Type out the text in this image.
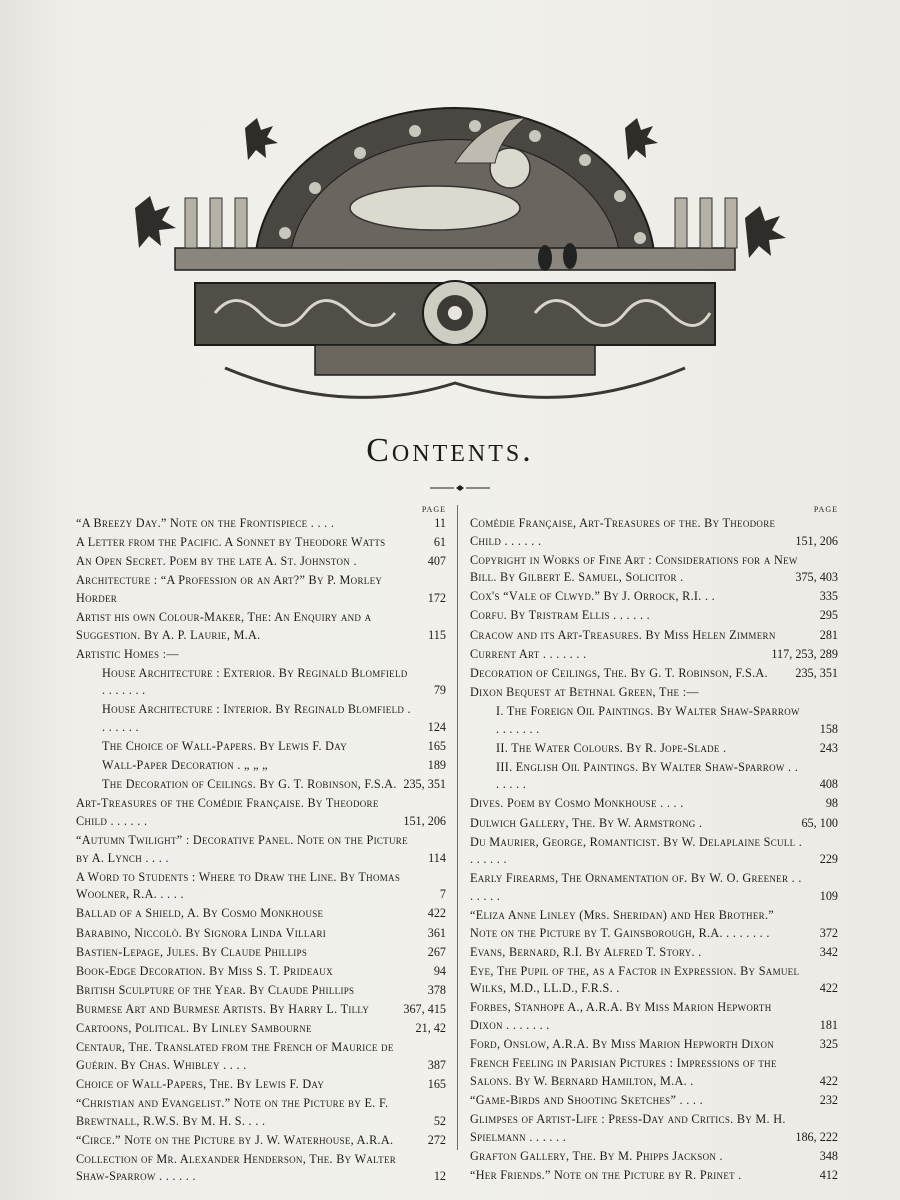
Contents.
PAGE
“A Breezy Day.” Note on the Frontispiece . . . .	11
A Letter from the Pacific. A Sonnet by Theodore Watts	61
An Open Secret. Poem by the late A. St. Johnston .	407
Architecture : “A Profession or an Art?” By P. Morley Horder	172
Artist his own Colour-Maker, The: An Enquiry and a Suggestion. By A. P. Laurie, M.A.	115
Artistic Homes :—
House Architecture : Exterior. By Reginald Blomfield . . . . . . .	79
House Architecture : Interior. By Reginald Blomfield . . . . . . .	124
The Choice of Wall-Papers. By Lewis F. Day	165
Wall-Paper Decoration . „ „ „	189
The Decoration of Ceilings. By G. T. Robinson, F.S.A. 235, 351
Art-Treasures of the Comédie Française. By Theodore Child . . . . . .	151, 206
“Autumn Twilight” : Decorative Panel. Note on the Picture by A. Lynch . . . .	114
A Word to Students : Where to Draw the Line. By Thomas Woolner, R.A. . . . .	7
Ballad of a Shield, A. By Cosmo Monkhouse	422
Barabino, Niccolò. By Signora Linda Villari	361
Bastien-Lepage, Jules. By Claude Phillips	267
Book-Edge Decoration. By Miss S. T. Prideaux	94
British Sculpture of the Year. By Claude Phillips	378
Burmese Art and Burmese Artists. By Harry L. Tilly	367, 415
Cartoons, Political. By Linley Sambourne	21, 42
Centaur, The. Translated from the French of Maurice de Guérin. By Chas. Whibley . . . .	387
Choice of Wall-Papers, The. By Lewis F. Day	165
“Christian and Evangelist.” Note on the Picture by E. F. Brewtnall, R.W.S. By M. H. S. . . .	52
“Circe.” Note on the Picture by J. W. Waterhouse, A.R.A.	272
Collection of Mr. Alexander Henderson, The. By Walter Shaw-Sparrow . . . . . .	12
PAGE
Comédie Française, Art-Treasures of the. By Theodore Child . . . . . .	151, 206
Copyright in Works of Fine Art : Considerations for a New Bill. By Gilbert E. Samuel, Solicitor .	375, 403
Cox's “Vale of Clwyd.” By J. Orrock, R.I. . .	335
Corfu. By Tristram Ellis . . . . . .	295
Cracow and its Art-Treasures. By Miss Helen Zimmern	281
Current Art . . . . . . .	117, 253, 289
Decoration of Ceilings, The. By G. T. Robinson, F.S.A.	235, 351
Dixon Bequest at Bethnal Green, The :—
I. The Foreign Oil Paintings. By Walter Shaw-Sparrow . . . . . . .	158
II. The Water Colours. By R. Jope-Slade .	243
III. English Oil Paintings. By Walter Shaw-Sparrow . . . . . . .	408
Dives. Poem by Cosmo Monkhouse . . . .	98
Dulwich Gallery, The. By W. Armstrong .	65, 100
Du Maurier, George, Romanticist. By W. Delaplaine Scull . . . . . . .	229
Early Firearms, The Ornamentation of. By W. O. Greener . . . . . . .	109
“Eliza Anne Linley (Mrs. Sheridan) and Her Brother.” Note on the Picture by T. Gainsborough, R.A. . . . . . . .	372
Evans, Bernard, R.I. By Alfred T. Story. .	342
Eye, The Pupil of the, as a Factor in Expression. By Samuel Wilks, M.D., LL.D., F.R.S. .	422
Forbes, Stanhope A., A.R.A. By Miss Marion Hepworth Dixon . . . . . . .	181
Ford, Onslow, A.R.A. By Miss Marion Hepworth Dixon	325
French Feeling in Parisian Pictures : Impressions of the Salons. By W. Bernard Hamilton, M.A. .	422
“Game-Birds and Shooting Sketches” . . . .	232
Glimpses of Artist-Life : Press-Day and Critics. By M. H. Spielmann . . . . . .	186, 222
Grafton Gallery, The. By M. Phipps Jackson .	348
“Her Friends.” Note on the Picture by R. Prinet .	412
